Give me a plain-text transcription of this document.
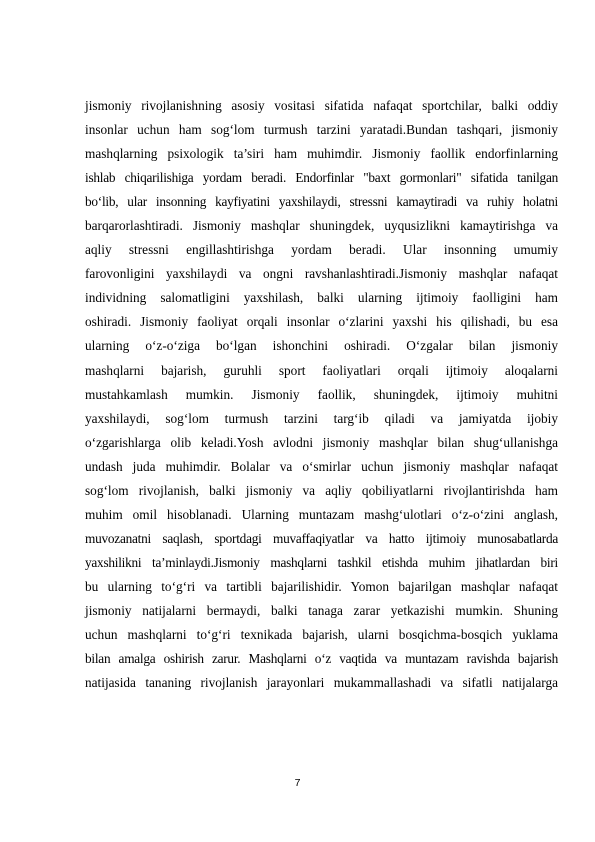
jismoniy rivojlanishning asosiy vositasi sifatida nafaqat sportchilar, balki oddiy
insonlar uchun ham sog‘lom turmush tarzini yaratadi.Bundan tashqari, jismoniy
mashqlarning psixologik ta’siri ham muhimdir. Jismoniy faollik endorfinlarning
ishlab chiqarilishiga yordam beradi. Endorfinlar "baxt gormonlari" sifatida tanilgan
bo‘lib, ular insonning kayfiyatini yaxshilaydi, stressni kamaytiradi va ruhiy holatni
barqarorlashtiradi. Jismoniy mashqlar shuningdek, uyqusizlikni kamaytirishga va
aqliy stressni engillashtirishga yordam beradi. Ular insonning umumiy
farovonligini yaxshilaydi va ongni ravshanlashtiradi.Jismoniy mashqlar nafaqat
individning salomatligini yaxshilash, balki ularning ijtimoiy faolligini ham
oshiradi. Jismoniy faoliyat orqali insonlar o‘zlarini yaxshi his qilishadi, bu esa
ularning o‘z-o‘ziga bo‘lgan ishonchini oshiradi. O‘zgalar bilan jismoniy
mashqlarni bajarish, guruhli sport faoliyatlari orqali ijtimoiy aloqalarni
mustahkamlash mumkin. Jismoniy faollik, shuningdek, ijtimoiy muhitni
yaxshilaydi, sog‘lom turmush tarzini targ‘ib qiladi va jamiyatda ijobiy
o‘zgarishlarga olib keladi.Yosh avlodni jismoniy mashqlar bilan shug‘ullanishga
undash juda muhimdir. Bolalar va o‘smirlar uchun jismoniy mashqlar nafaqat
sog‘lom rivojlanish, balki jismoniy va aqliy qobiliyatlarni rivojlantirishda ham
muhim omil hisoblanadi. Ularning muntazam mashg‘ulotlari o‘z-o‘zini anglash,
muvozanatni saqlash, sportdagi muvaffaqiyatlar va hatto ijtimoiy munosabatlarda
yaxshilikni ta’minlaydi.Jismoniy mashqlarni tashkil etishda muhim jihatlardan biri
bu ularning to‘g‘ri va tartibli bajarilishidir. Yomon bajarilgan mashqlar nafaqat
jismoniy natijalarni bermaydi, balki tanaga zarar yetkazishi mumkin. Shuning
uchun mashqlarni to‘g‘ri texnikada bajarish, ularni bosqichma-bosqich yuklama
bilan amalga oshirish zarur. Mashqlarni o‘z vaqtida va muntazam ravishda bajarish
natijasida tananing rivojlanish jarayonlari mukammallashadi va sifatli natijalarga
7
